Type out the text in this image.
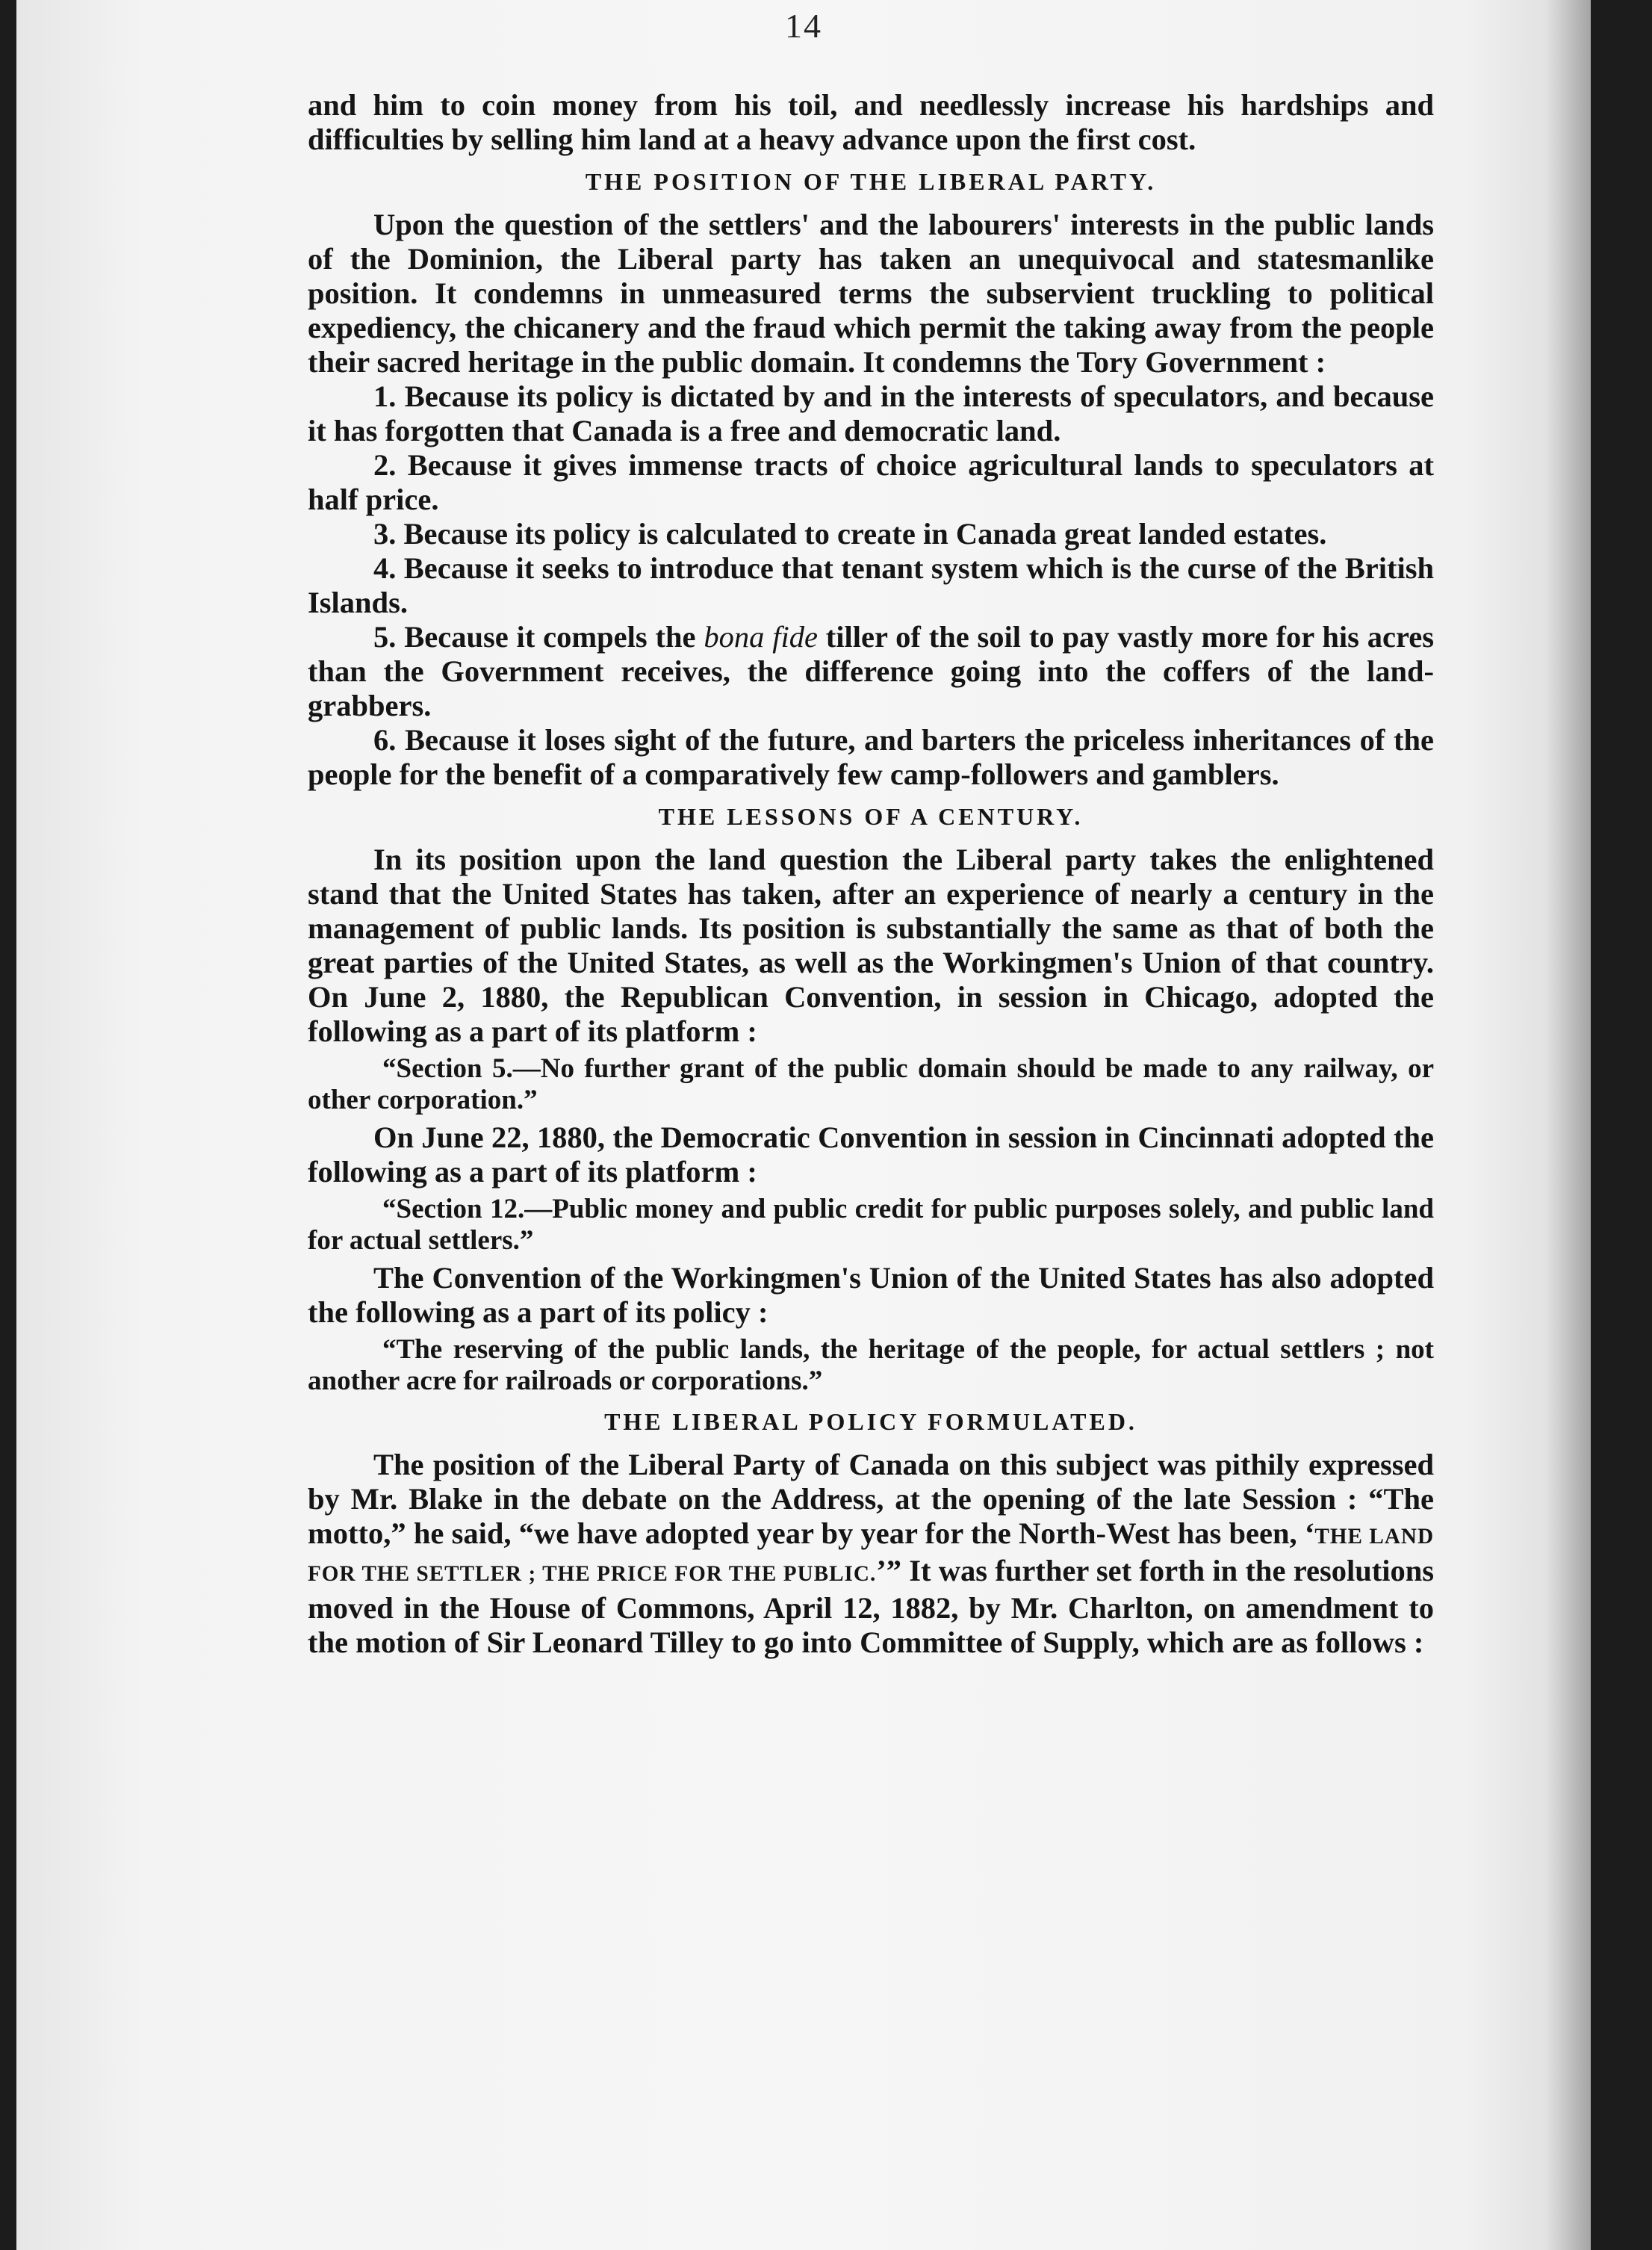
14

and him to coin money from his toil, and needlessly increase his hardships and difficulties by selling him land at a heavy advance upon the first cost.

THE POSITION OF THE LIBERAL PARTY.

Upon the question of the settlers' and the labourers' interests in the public lands of the Dominion, the Liberal party has taken an unequivocal and statesmanlike position. It condemns in unmeasured terms the subservient truckling to political expediency, the chicanery and the fraud which permit the taking away from the people their sacred heritage in the public domain. It condemns the Tory Government :

1. Because its policy is dictated by and in the interests of speculators, and because it has forgotten that Canada is a free and democratic land.

2. Because it gives immense tracts of choice agricultural lands to speculators at half price.

3. Because its policy is calculated to create in Canada great landed estates.

4. Because it seeks to introduce that tenant system which is the curse of the British Islands.

5. Because it compels the bona fide tiller of the soil to pay vastly more for his acres than the Government receives, the difference going into the coffers of the land-grabbers.

6. Because it loses sight of the future, and barters the priceless inheritances of the people for the benefit of a comparatively few camp-followers and gamblers.

THE LESSONS OF A CENTURY.

In its position upon the land question the Liberal party takes the enlightened stand that the United States has taken, after an experience of nearly a century in the management of public lands. Its position is substantially the same as that of both the great parties of the United States, as well as the Workingmen's Union of that country. On June 2, 1880, the Republican Convention, in session in Chicago, adopted the following as a part of its platform :

“Section 5.—No further grant of the public domain should be made to any railway, or other corporation.”

On June 22, 1880, the Democratic Convention in session in Cincinnati adopted the following as a part of its platform :

“Section 12.—Public money and public credit for public purposes solely, and public land for actual settlers.”

The Convention of the Workingmen's Union of the United States has also adopted the following as a part of its policy :

“The reserving of the public lands, the heritage of the people, for actual settlers ; not another acre for railroads or corporations.”

THE LIBERAL POLICY FORMULATED.

The position of the Liberal Party of Canada on this subject was pithily expressed by Mr. Blake in the debate on the Address, at the opening of the late Session : “The motto,” he said, “we have adopted year by year for the North-West has been, ‘THE LAND FOR THE SETTLER ; THE PRICE FOR THE PUBLIC.’” It was further set forth in the resolutions moved in the House of Commons, April 12, 1882, by Mr. Charlton, on amendment to the motion of Sir Leonard Tilley to go into Committee of Supply, which are as follows :
